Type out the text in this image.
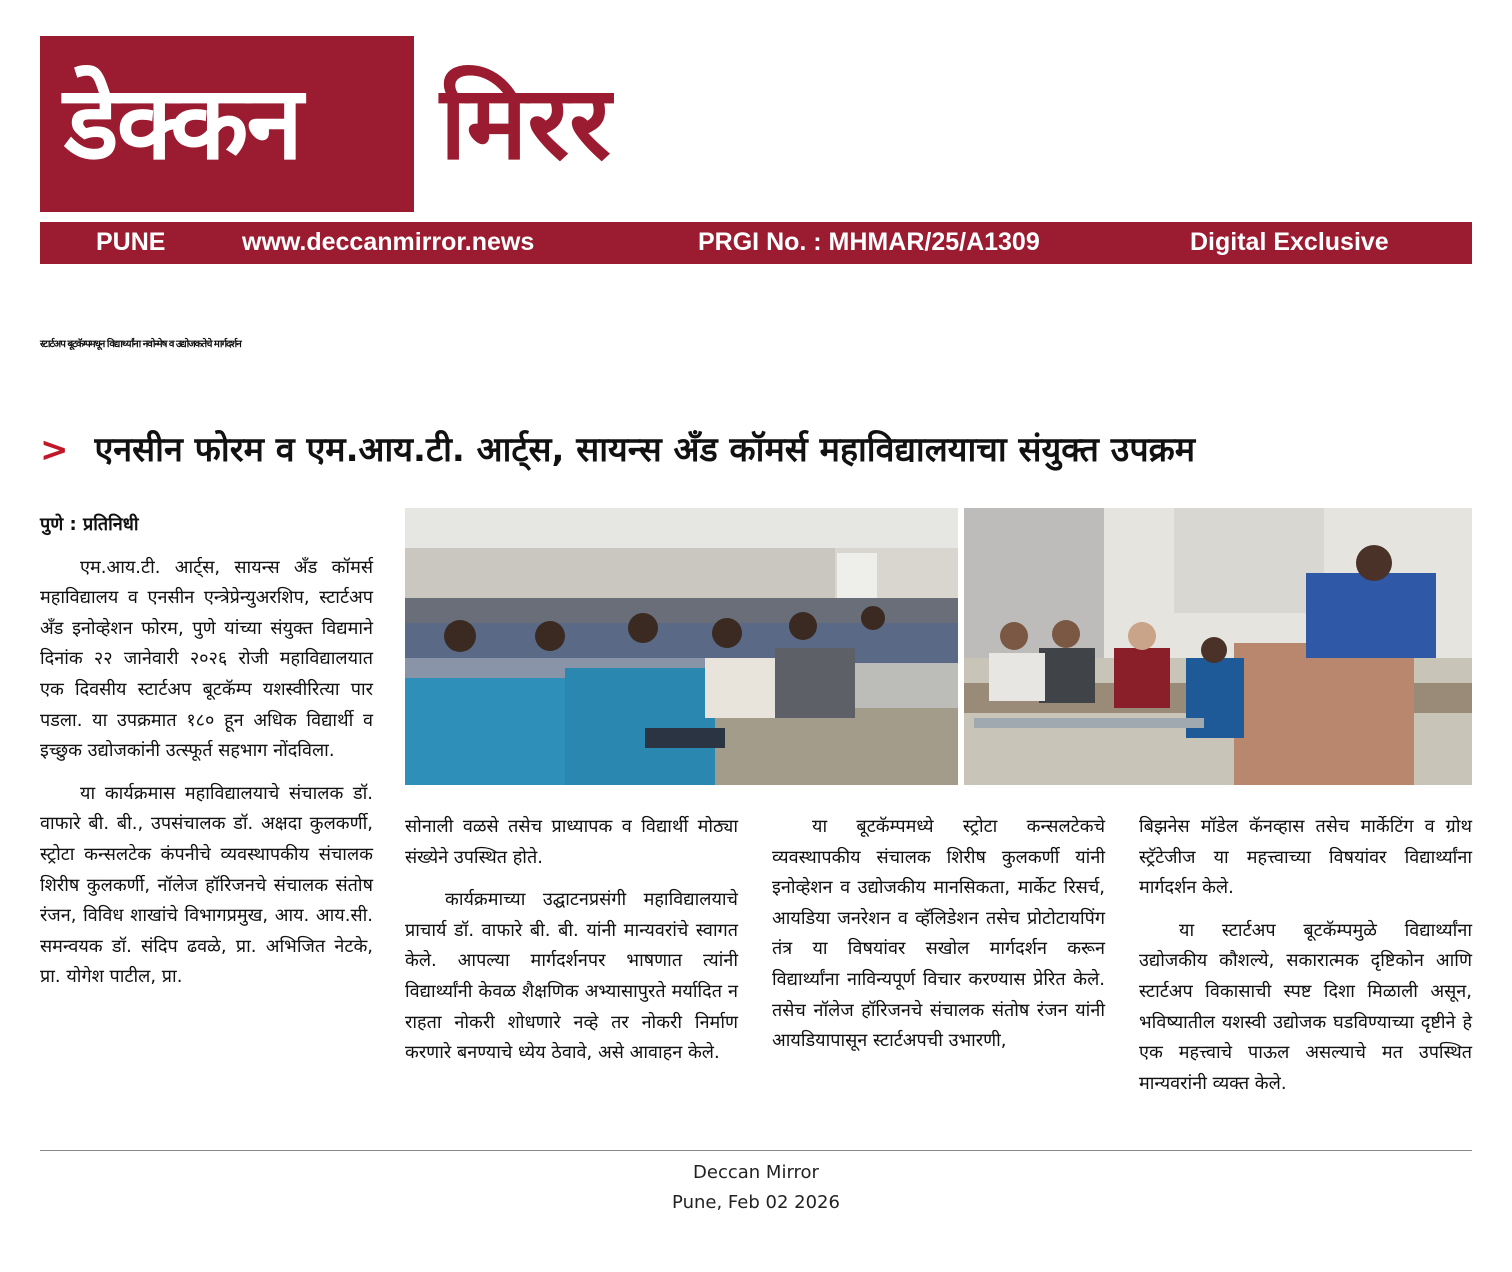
डेक्कन मिरर
PUNE	www.deccanmirror.news	PRGI No. : MHMAR/25/A1309	Digital Exclusive
स्टार्टअप बूटकॅम्पमधून विद्यार्थ्यांना नवोन्मेष व उद्योजकतेचे मार्गदर्शन
> एनसीन फोरम व एम.आय.टी. आर्ट्स, सायन्स अँड कॉमर्स महाविद्यालयाचा संयुक्त उपक्रम

पुणे : प्रतिनिधी

एम.आय.टी. आर्ट्स, सायन्स अँड कॉमर्स महाविद्यालय व एनसीन एन्त्रेप्रेन्युअरशिप, स्टार्टअप अँड इनोव्हेशन फोरम, पुणे यांच्या संयुक्त विद्यमाने दिनांक २२ जानेवारी २०२६ रोजी महाविद्यालयात एक दिवसीय स्टार्टअप बूटकॅम्प यशस्वीरित्या पार पडला. या उपक्रमात १८० हून अधिक विद्यार्थी व इच्छुक उद्योजकांनी उत्स्फूर्त सहभाग नोंदविला.

या कार्यक्रमास महाविद्यालयाचे संचालक डॉ. वाफारे बी. बी., उपसंचालक डॉ. अक्षदा कुलकर्णी, स्ट्रोटा कन्सलटेक कंपनीचे व्यवस्थापकीय संचालक शिरीष कुलकर्णी, नॉलेज हॉरिजनचे संचालक संतोष रंजन, विविध शाखांचे विभागप्रमुख, आय. आय.सी. समन्वयक डॉ. संदिप ढवळे, प्रा. अभिजित नेटके, प्रा. योगेश पाटील, प्रा.

सोनाली वळसे तसेच प्राध्यापक व विद्यार्थी मोठ्या संख्येने उपस्थित होते.

कार्यक्रमाच्या उद्घाटनप्रसंगी महाविद्यालयाचे प्राचार्य डॉ. वाफारे बी. बी. यांनी मान्यवरांचे स्वागत केले. आपल्या मार्गदर्शनपर भाषणात त्यांनी विद्यार्थ्यांनी केवळ शैक्षणिक अभ्यासापुरते मर्यादित न राहता नोकरी शोधणारे नव्हे तर नोकरी निर्माण करणारे बनण्याचे ध्येय ठेवावे, असे आवाहन केले.

या बूटकॅम्पमध्ये स्ट्रोटा कन्सलटेकचे व्यवस्थापकीय संचालक शिरीष कुलकर्णी यांनी इनोव्हेशन व उद्योजकीय मानसिकता, मार्केट रिसर्च, आयडिया जनरेशन व व्हॅलिडेशन तसेच प्रोटोटायपिंग तंत्र या विषयांवर सखोल मार्गदर्शन करून विद्यार्थ्यांना नाविन्यपूर्ण विचार करण्यास प्रेरित केले. तसेच नॉलेज हॉरिजनचे संचालक संतोष रंजन यांनी आयडियापासून स्टार्टअपची उभारणी,

बिझनेस मॉडेल कॅनव्हास तसेच मार्केटिंग व ग्रोथ स्ट्रॅटेजीज या महत्त्वाच्या विषयांवर विद्यार्थ्यांना मार्गदर्शन केले.

या स्टार्टअप बूटकॅम्पमुळे विद्यार्थ्यांना उद्योजकीय कौशल्ये, सकारात्मक दृष्टिकोन आणि स्टार्टअप विकासाची स्पष्ट दिशा मिळाली असून, भविष्यातील यशस्वी उद्योजक घडविण्याच्या दृष्टीने हे एक महत्त्वाचे पाऊल असल्याचे मत उपस्थित मान्यवरांनी व्यक्त केले.

Deccan Mirror
Pune, Feb 02 2026
